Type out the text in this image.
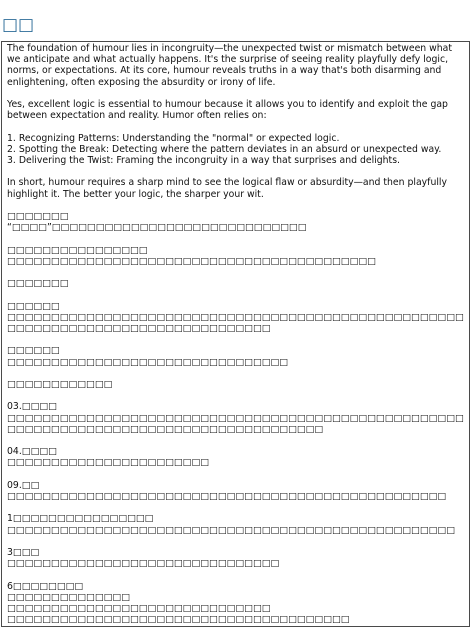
□□

The foundation of humour lies in incongruity—the unexpected twist or mismatch between what we anticipate and what actually happens. It's the surprise of seeing reality playfully defy logic, norms, or expectations. At its core, humour reveals truths in a way that's both disarming and enlightening, often exposing the absurdity or irony of life.

Yes, excellent logic is essential to humour because it allows you to identify and exploit the gap between expectation and reality. Humor often relies on:

1. Recognizing Patterns: Understanding the "normal" or expected logic.
2. Spotting the Break: Detecting where the pattern deviates in an absurd or unexpected way.
3. Delivering the Twist: Framing the incongruity in a way that surprises and delights.

In short, humour requires a sharp mind to see the logical flaw or absurdity—and then playfully highlight it. The better your logic, the sharper your wit.

□□□□□□□
“□□□□”□□□□□□□□□□□□□□□□□□□□□□□□□□□□□

□□□□□□□□□□□□□□□□
□□□□□□□□□□□□□□□□□□□□□□□□□□□□□□□□□□□□□□□□□□

□□□□□□□

□□□□□□
□□□□□□□□□□□□□□□□□□□□□□□□□□□□□□□□□□□□□□□□□□□□□□□□□□□□□□□□□□□□□□□□□□□□□□□□□□□□□□□□□□

□□□□□□
□□□□□□□□□□□□□□□□□□□□□□□□□□□□□□□□

□□□□□□□□□□□□

03.□□□□
□□□□□□□□□□□□□□□□□□□□□□□□□□□□□□□□□□□□□□□□□□□□□□□□□□□□□□□□□□□□□□□□□□□□□□□□□□□□□□□□□□□□□□□□

04.□□□□
□□□□□□□□□□□□□□□□□□□□□□□

09.□□
□□□□□□□□□□□□□□□□□□□□□□□□□□□□□□□□□□□□□□□□□□□□□□□□□□

1□□□□□□□□□□□□□□□□
□□□□□□□□□□□□□□□□□□□□□□□□□□□□□□□□□□□□□□□□□□□□□□□□□□□

3□□□
□□□□□□□□□□□□□□□□□□□□□□□□□□□□□□□

6□□□□□□□□
□□□□□□□□□□□□□□
□□□□□□□□□□□□□□□□□□□□□□□□□□□□□□
□□□□□□□□□□□□□□□□□□□□□□□□□□□□□□□□□□□□□□□
